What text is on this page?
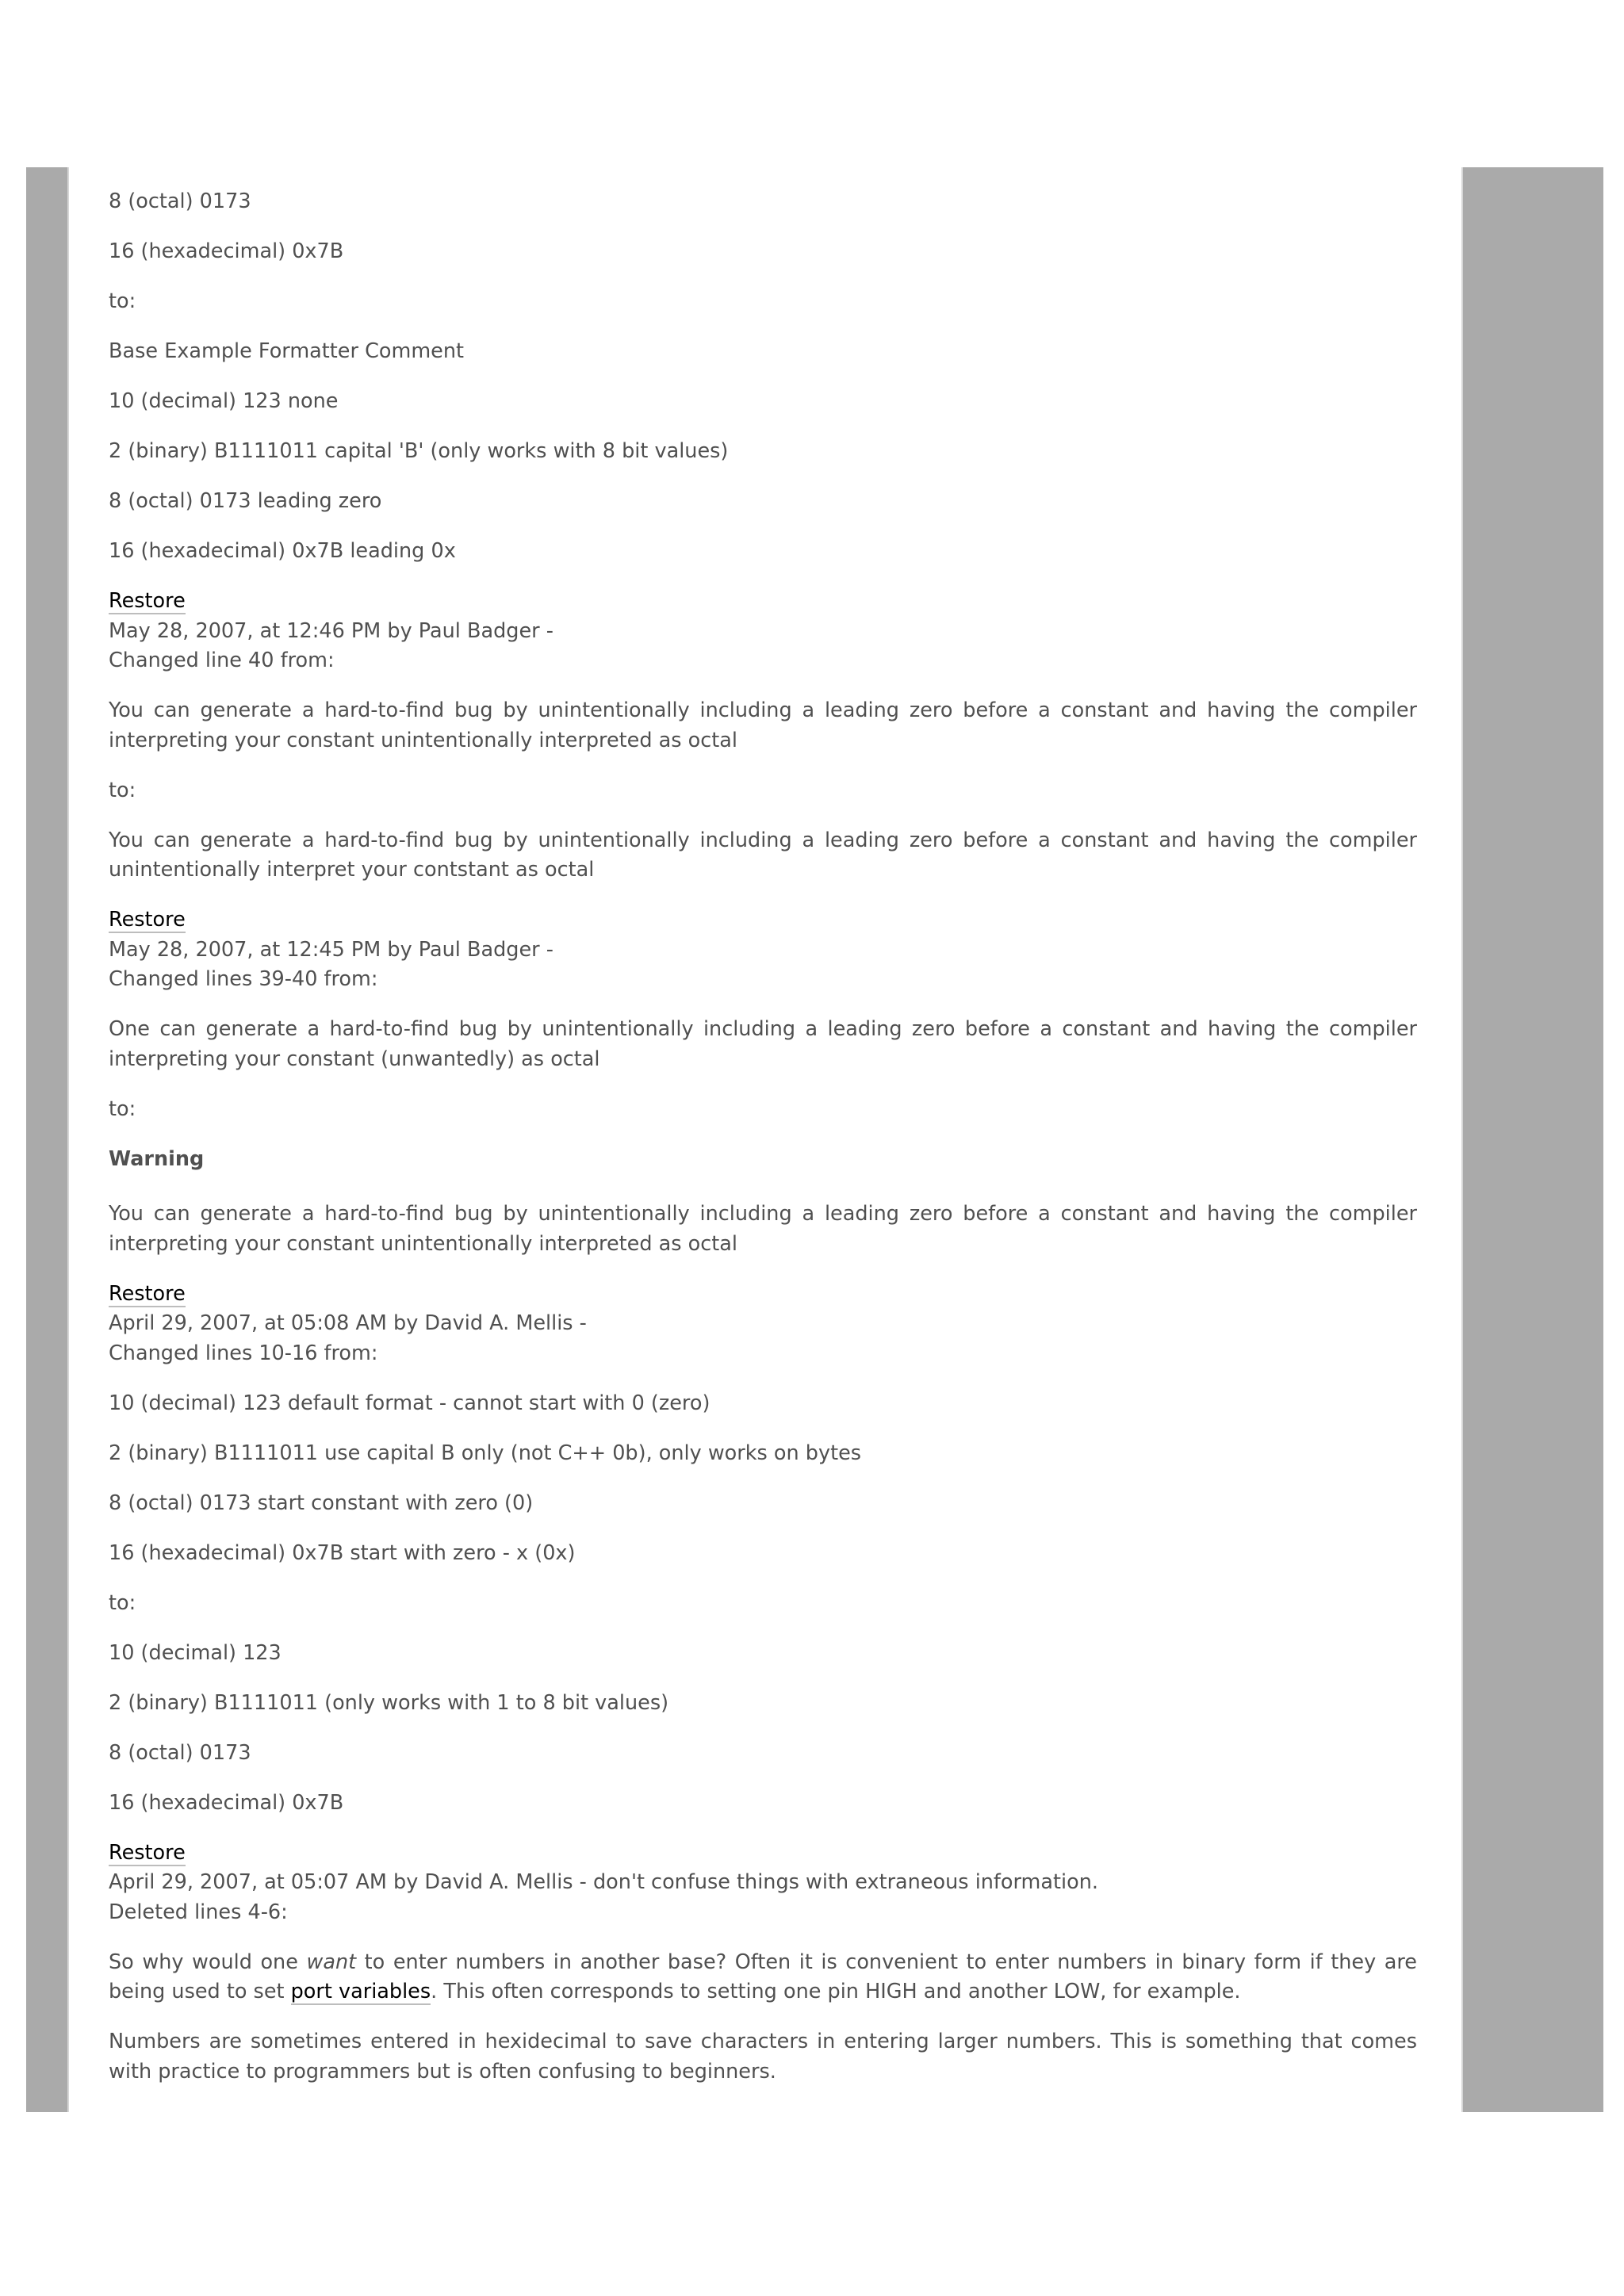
8 (octal) 0173

16 (hexadecimal) 0x7B

to:

Base Example Formatter Comment

10 (decimal) 123 none

2 (binary) B1111011 capital 'B' (only works with 8 bit values)

8 (octal) 0173 leading zero

16 (hexadecimal) 0x7B leading 0x

Restore
May 28, 2007, at 12:46 PM by Paul Badger -
Changed line 40 from:

You can generate a hard-to-find bug by unintentionally including a leading zero before a constant and having the compiler interpreting your constant unintentionally interpreted as octal

to:

You can generate a hard-to-find bug by unintentionally including a leading zero before a constant and having the compiler unintentionally interpret your contstant as octal

Restore
May 28, 2007, at 12:45 PM by Paul Badger -
Changed lines 39-40 from:

One can generate a hard-to-find bug by unintentionally including a leading zero before a constant and having the compiler interpreting your constant (unwantedly) as octal

to:

Warning

You can generate a hard-to-find bug by unintentionally including a leading zero before a constant and having the compiler interpreting your constant unintentionally interpreted as octal

Restore
April 29, 2007, at 05:08 AM by David A. Mellis -
Changed lines 10-16 from:

10 (decimal) 123 default format - cannot start with 0 (zero)

2 (binary) B1111011 use capital B only (not C++ 0b), only works on bytes

8 (octal) 0173 start constant with zero (0)

16 (hexadecimal) 0x7B start with zero - x (0x)

to:

10 (decimal) 123

2 (binary) B1111011 (only works with 1 to 8 bit values)

8 (octal) 0173

16 (hexadecimal) 0x7B

Restore
April 29, 2007, at 05:07 AM by David A. Mellis - don't confuse things with extraneous information.
Deleted lines 4-6:

So why would one want to enter numbers in another base? Often it is convenient to enter numbers in binary form if they are being used to set port variables. This often corresponds to setting one pin HIGH and another LOW, for example.

Numbers are sometimes entered in hexidecimal to save characters in entering larger numbers. This is something that comes with practice to programmers but is often confusing to beginners.
